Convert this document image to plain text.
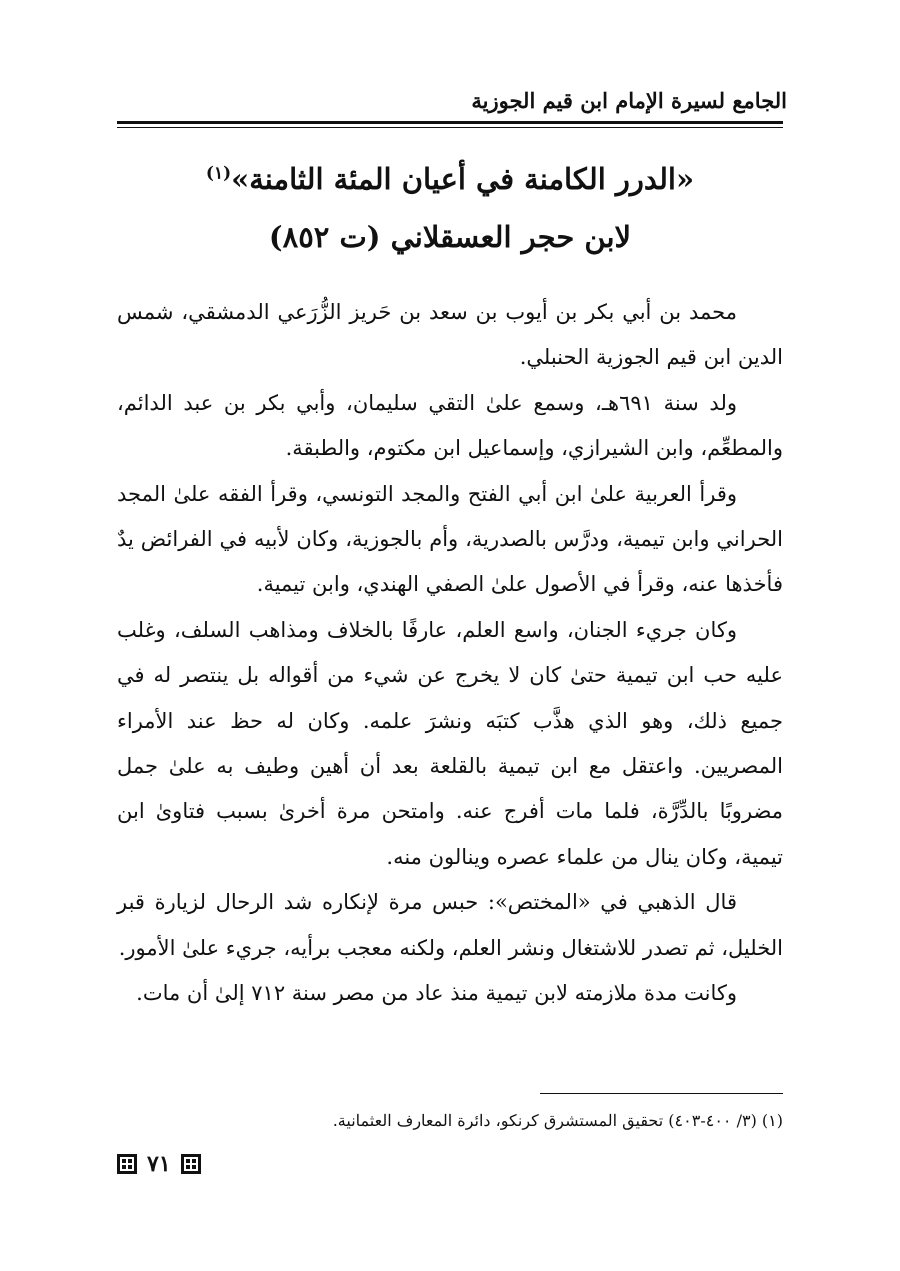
الجامع لسيرة الإمام ابن قيم الجوزية
«الدرر الكامنة في أعيان المئة الثامنة»$^{(١)}$
لابن حجر العسقلاني (ت ٨٥٢)

محمد بن أبي بكر بن أيوب بن سعد بن حَريز الزُّرَعي الدمشقي، شمس الدين ابن قيم الجوزية الحنبلي.

ولد سنة ٦٩١هـ، وسمع علىٰ التقي سليمان، وأبي بكر بن عبد الدائم، والمطعِّم، وابن الشيرازي، وإسماعيل ابن مكتوم، والطبقة.

وقرأ العربية علىٰ ابن أبي الفتح والمجد التونسي، وقرأ الفقه علىٰ المجد الحراني وابن تيمية، ودرَّس بالصدرية، وأم بالجوزية، وكان لأبيه في الفرائض يدٌ فأخذها عنه، وقرأ في الأصول علىٰ الصفي الهندي، وابن تيمية.

وكان جريء الجنان، واسع العلم، عارفًا بالخلاف ومذاهب السلف، وغلب عليه حب ابن تيمية حتىٰ كان لا يخرج عن شيء من أقواله بل ينتصر له في جميع ذلك، وهو الذي هذَّب كتبَه ونشرَ علمه. وكان له حظ عند الأمراء المصريين. واعتقل مع ابن تيمية بالقلعة بعد أن أهين وطيف به علىٰ جمل مضروبًا بالدِّرَّة، فلما مات أفرج عنه. وامتحن مرة أخرىٰ بسبب فتاوىٰ ابن تيمية، وكان ينال من علماء عصره وينالون منه.

قال الذهبي في «المختص»: حبس مرة لإنكاره شد الرحال لزيارة قبر الخليل، ثم تصدر للاشتغال ونشر العلم، ولكنه معجب برأيه، جريء علىٰ الأمور.

وكانت مدة ملازمته لابن تيمية منذ عاد من مصر سنة ٧١٢ إلىٰ أن مات.

(١) (٣/ ٤٠٠-٤٠٣) تحقيق المستشرق كرنكو، دائرة المعارف العثمانية.
٧١
